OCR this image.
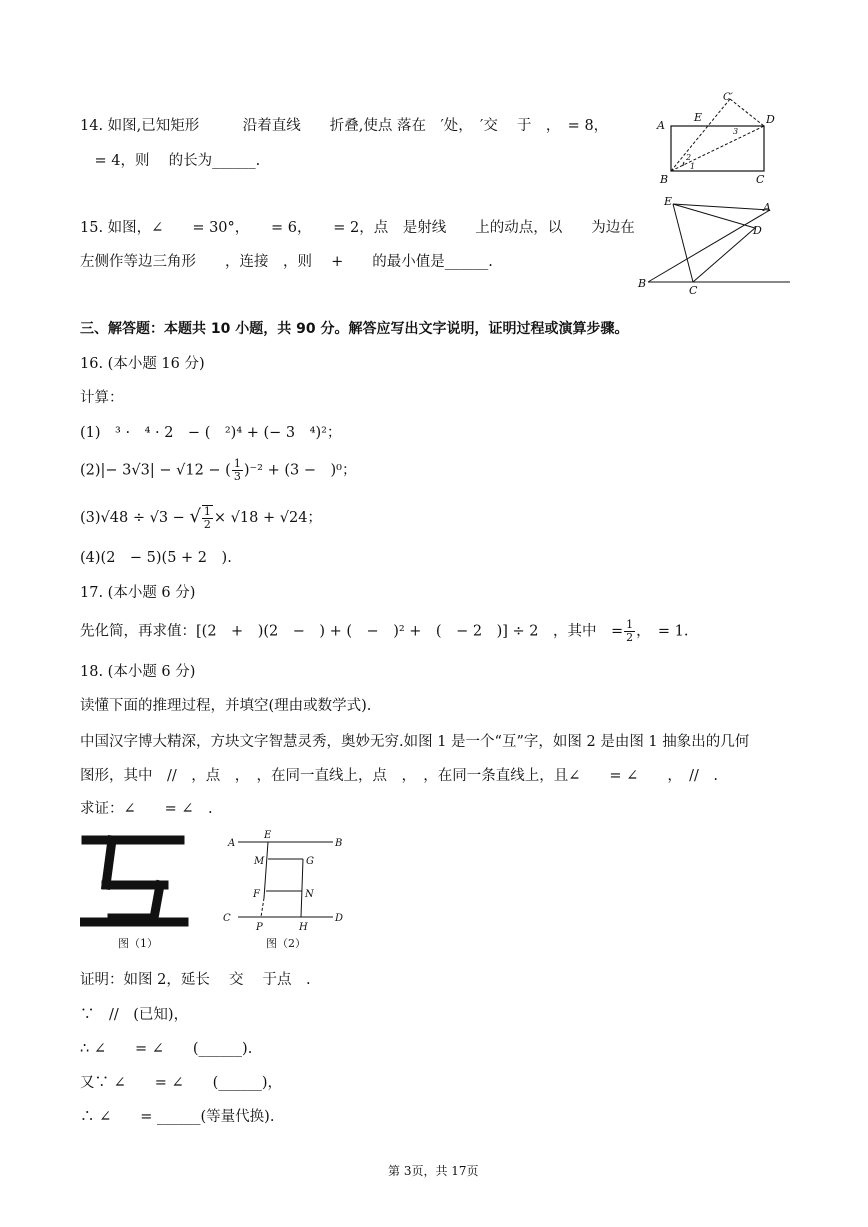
14. 如图,已知矩形　　　沿着直线　　折叠,使点 落在　′处，　′交　 于　，　= 8，
　= 4，则　 的长为______.
A
B	C
D
E
C′
1
2
3
15. 如图，∠　　= 30°，　　= 6，　　= 2，点　是射线　　上的动点，以　　为边在
左侧作等边三角形　　，连接　，则　 +　　的最小值是______.
B
C
D
A
E
三、解答题：本题共 10 小题，共 90 分。解答应写出文字说明，证明过程或演算步骤。
16. (本小题 16 分)
计算：
(1)　³ ·　⁴ · 2　− (　²)⁴ + (− 3　⁴)²；
(2)|− 3√3| − √12 − ( $\frac{1}{3} )^{-2} + (3$ −　)⁰；
(3)√48 ÷ √3 − √ $\frac{1}{2} \times √18 + √24$；
(4)(2　− 5)(5 + 2　).
17. (本小题 6 分)
先化简，再求值：[(2　+　)(2　−　) + (　−　)² +　(　− 2　)] ÷ 2　，其中　= $\frac{1}{2}$ ，　= 1.
18. (本小题 6 分)
读懂下面的推理过程，并填空(理由或数学式).
中国汉字博大精深，方块文字智慧灵秀，奥妙无穷.如图 1 是一个“互”字，如图 2 是由图 1 抽象出的几何
图形，其中　//　，点　，　，在同一直线上，点　，　，在同一条直线上，且∠　　= ∠　　，　//　.
求证：∠　　= ∠　.
图（1）
A	B
C	D
E
M	G
F	N
P	H
图（2）
证明：如图 2，延长　 交　 于点　.
∵　//　(已知)，
∴ ∠　　= ∠　　(______).
又∵ ∠　　= ∠　　(______)，
∴ ∠　　= ______(等量代换).
第 3页，共 17页
